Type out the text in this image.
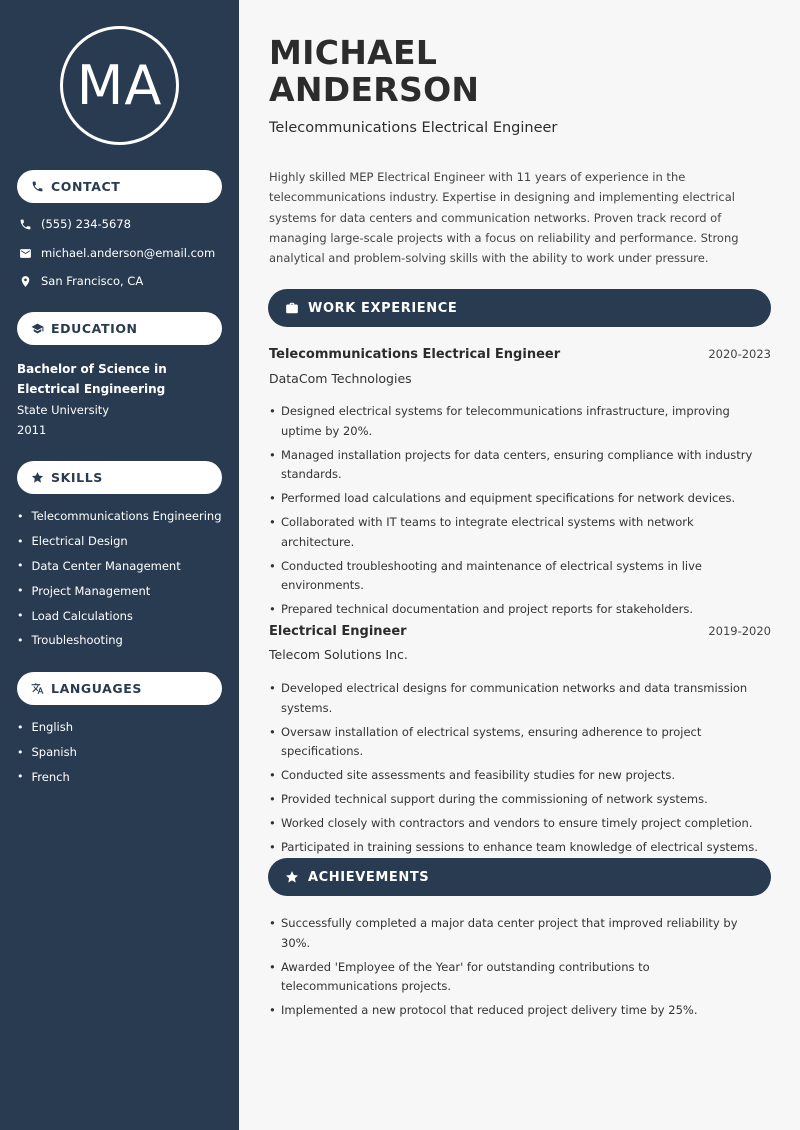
MA
CONTACT
(555) 234-5678
michael.anderson@email.com
San Francisco, CA
EDUCATION
Bachelor of Science in Electrical Engineering
State University
2011
SKILLS
• Telecommunications Engineering
• Electrical Design
• Data Center Management
• Project Management
• Load Calculations
• Troubleshooting
LANGUAGES
• English
• Spanish
• French
MICHAEL
ANDERSON
Telecommunications Electrical Engineer
Highly skilled MEP Electrical Engineer with 11 years of experience in the telecommunications industry. Expertise in designing and implementing electrical systems for data centers and communication networks. Proven track record of managing large-scale projects with a focus on reliability and performance. Strong analytical and problem-solving skills with the ability to work under pressure.
WORK EXPERIENCE
Telecommunications Electrical Engineer	2020-2023
DataCom Technologies
• Designed electrical systems for telecommunications infrastructure, improving uptime by 20%.
• Managed installation projects for data centers, ensuring compliance with industry standards.
• Performed load calculations and equipment specifications for network devices.
• Collaborated with IT teams to integrate electrical systems with network architecture.
• Conducted troubleshooting and maintenance of electrical systems in live environments.
• Prepared technical documentation and project reports for stakeholders.
Electrical Engineer	2019-2020
Telecom Solutions Inc.
• Developed electrical designs for communication networks and data transmission systems.
• Oversaw installation of electrical systems, ensuring adherence to project specifications.
• Conducted site assessments and feasibility studies for new projects.
• Provided technical support during the commissioning of network systems.
• Worked closely with contractors and vendors to ensure timely project completion.
• Participated in training sessions to enhance team knowledge of electrical systems.
ACHIEVEMENTS
• Successfully completed a major data center project that improved reliability by 30%.
• Awarded 'Employee of the Year' for outstanding contributions to telecommunications projects.
• Implemented a new protocol that reduced project delivery time by 25%.
